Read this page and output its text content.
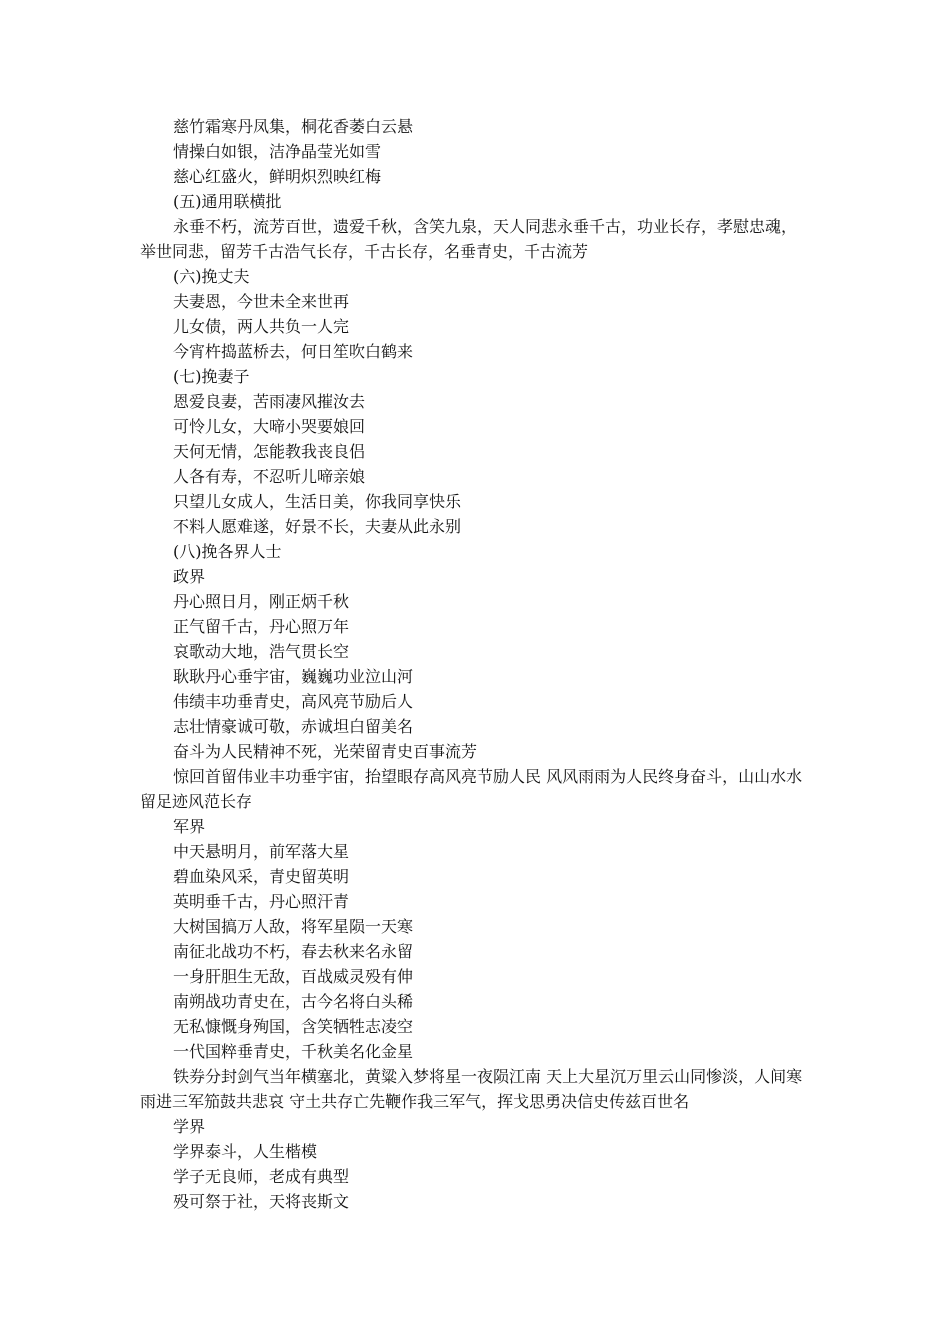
慈竹霜寒丹凤集，桐花香萎白云悬
情操白如银，洁净晶莹光如雪
慈心红盛火，鲜明炽烈映红梅
(五)通用联横批
永垂不朽，流芳百世，遗爱千秋，含笑九泉，天人同悲永垂千古，功业长存，孝慰忠魂，举世同悲，留芳千古浩气长存，千古长存，名垂青史，千古流芳
(六)挽丈夫
夫妻恩，今世未全来世再
儿女债，两人共负一人完
今宵杵捣蓝桥去，何日笙吹白鹤来
(七)挽妻子
恩爱良妻，苦雨凄风摧汝去
可怜儿女，大啼小哭要娘回
天何无情，怎能教我丧良侣
人各有寿，不忍听儿啼亲娘
只望儿女成人，生活日美，你我同享快乐
不料人愿难遂，好景不长，夫妻从此永别
(八)挽各界人士
政界
丹心照日月，刚正炳千秋
正气留千古，丹心照万年
哀歌动大地，浩气贯长空
耿耿丹心垂宇宙，巍巍功业泣山河
伟绩丰功垂青史，高风亮节励后人
志壮情豪诚可敬，赤诚坦白留美名
奋斗为人民精神不死，光荣留青史百事流芳
惊回首留伟业丰功垂宇宙，抬望眼存高风亮节励人民 风风雨雨为人民终身奋斗，山山水水留足迹风范长存
军界
中天悬明月，前军落大星
碧血染风采，青史留英明
英明垂千古，丹心照汗青
大树国搞万人敌，将军星陨一天寒
南征北战功不朽，春去秋来名永留
一身肝胆生无敌，百战威灵殁有伸
南朔战功青史在，古今名将白头稀
无私慷慨身殉国，含笑牺牲志凌空
一代国粹垂青史，千秋美名化金星
铁券分封剑气当年横塞北，黄粱入梦将星一夜陨江南 天上大星沉万里云山同惨淡，人间寒雨进三军笳鼓共悲哀 守土共存亡先鞭作我三军气，挥戈思勇决信史传兹百世名
学界
学界泰斗，人生楷模
学子无良师，老成有典型
殁可祭于社，天将丧斯文
